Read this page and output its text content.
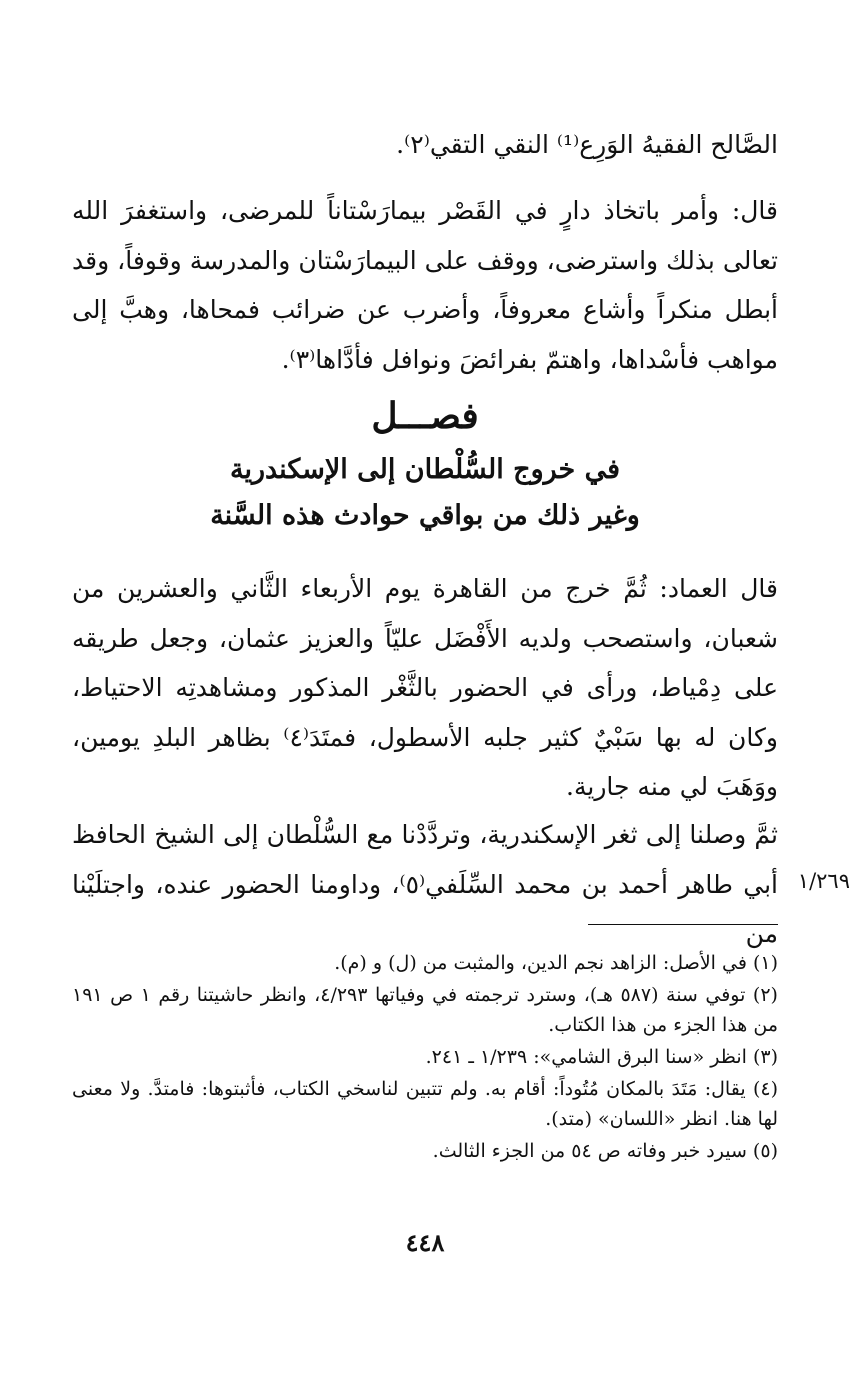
الصَّالح الفقيهُ الوَرِع⁽¹⁾ النقي التقي⁽٢⁾.

قال: وأمر باتخاذ دارٍ في القَصْر بيمارَسْتاناً للمرضى، واستغفرَ الله تعالى بذلك واسترضى، ووقف على البيمارَسْتان والمدرسة وقوفاً، وقد أبطل منكراً وأشاع معروفاً، وأضرب عن ضرائب فمحاها، وهبَّ إلى مواهب فأسْداها، واهتمّ بفرائضَ ونوافل فأدَّاها⁽٣⁾.

فصـــل
في خروج السُّلْطان إلى الإسكندرية
وغير ذلك من بواقي حوادث هذه السَّنة

قال العماد: ثُمَّ خرج من القاهرة يوم الأربعاء الثَّاني والعشرين من شعبان، واستصحب ولديه الأَفْضَل عليّاً والعزيز عثمان، وجعل طريقه على دِمْياط، ورأى في الحضور بالثَّغْر المذكور ومشاهدتِه الاحتياط، وكان له بها سَبْيٌ كثير جلبه الأسطول، فمتَدَ⁽٤⁾ بظاهر البلدِ يومين، ووَهَبَ لي منه جارية.

ثمَّ وصلنا إلى ثغر الإسكندرية، وتردَّدْنا مع السُّلْطان إلى الشيخ الحافظ أبي طاهر أحمد بن محمد السِّلَفي⁽٥⁾، وداومنا الحضور عنده، واجتلَيْنا من

١/٢٦٩
(١) في الأصل: الزاهد نجم الدين، والمثبت من (ل) و (م).
(٢) توفي سنة (٥٨٧ هـ)، وسترد ترجمته في وفياتها ٤/٢٩٣، وانظر حاشيتنا رقم ١ ص ١٩١ من هذا الجزء من هذا الكتاب.
(٣) انظر «سنا البرق الشامي»: ١/٢٣٩ ـ ٢٤١.
(٤) يقال: مَتَدَ بالمكان مُتُوداً: أقام به. ولم تتبين لناسخي الكتاب، فأثبتوها: فامتدَّ. ولا معنى لها هنا. انظر «اللسان» (متد).
(٥) سيرد خبر وفاته ص ٥٤ من الجزء الثالث.
٤٤٨
